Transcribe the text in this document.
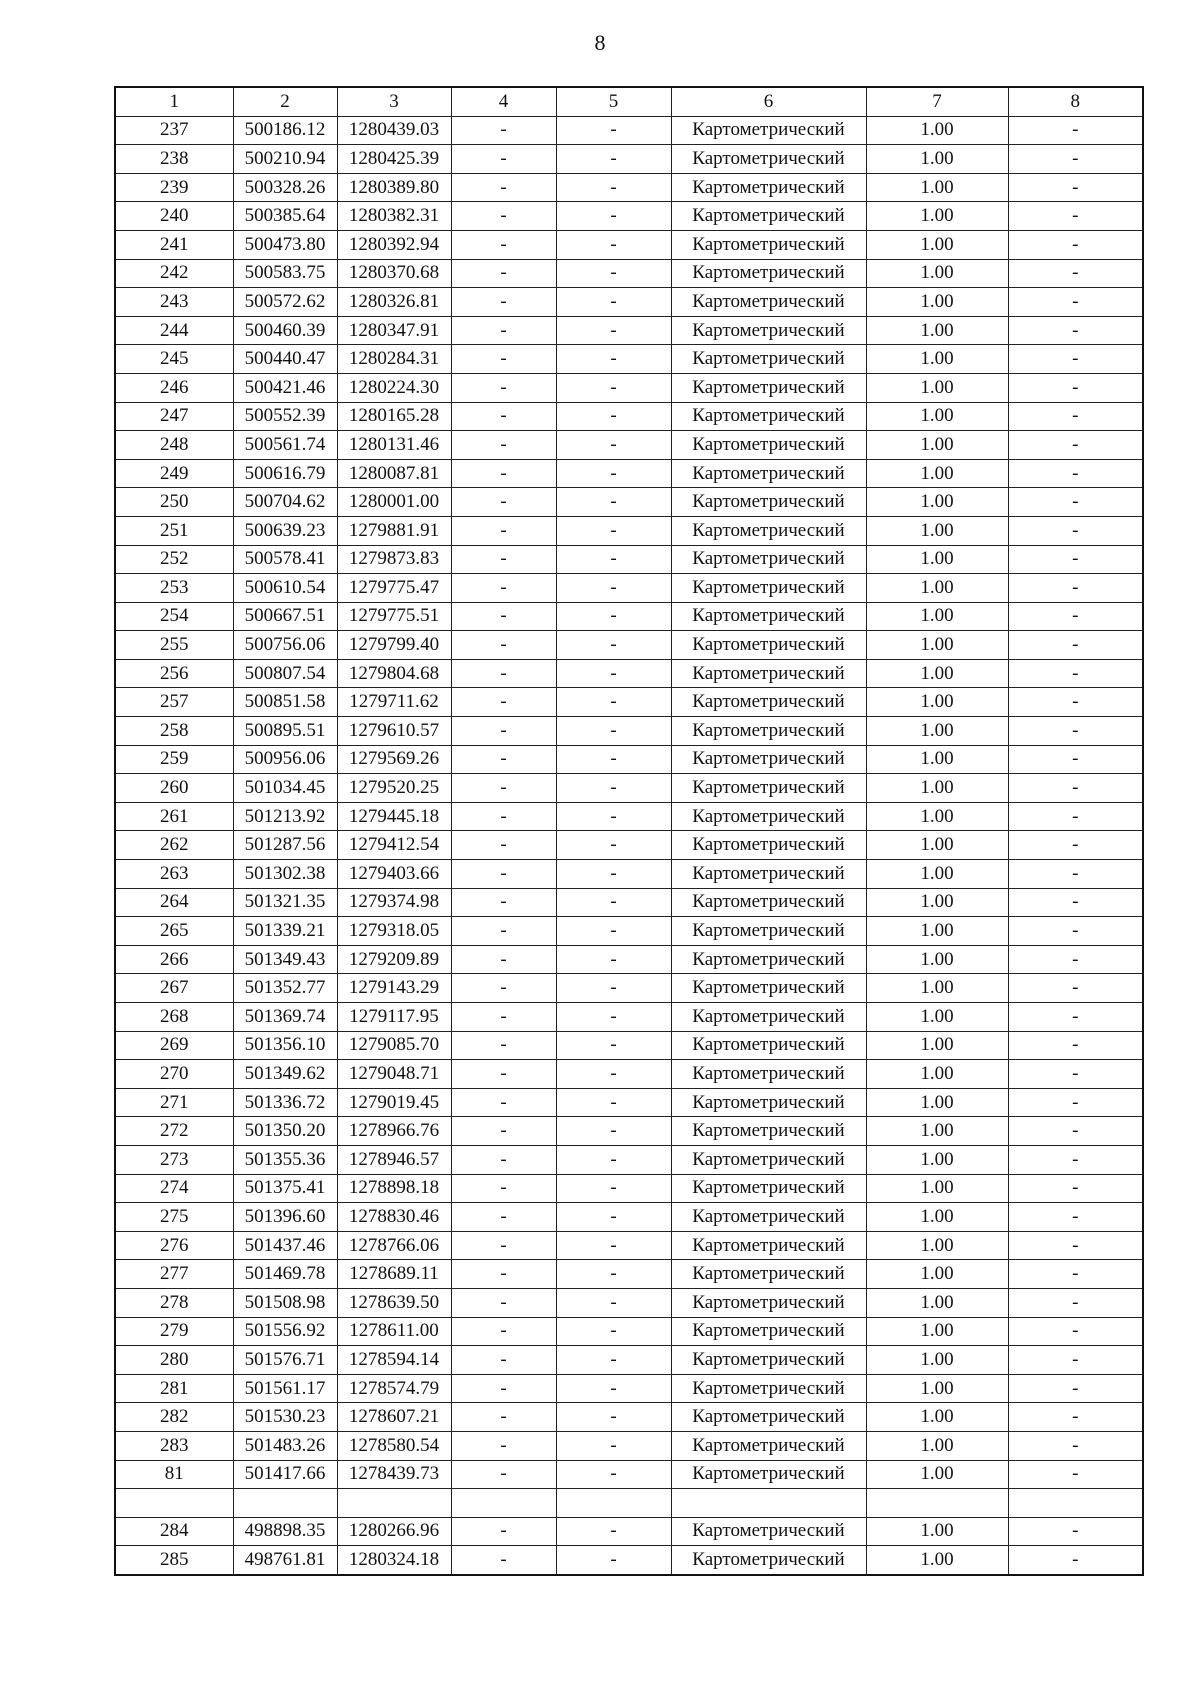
8
1	2	3	4	5	6	7	8
237	500186.12	1280439.03	-	-	Картометрический	1.00	-
238	500210.94	1280425.39	-	-	Картометрический	1.00	-
239	500328.26	1280389.80	-	-	Картометрический	1.00	-
240	500385.64	1280382.31	-	-	Картометрический	1.00	-
241	500473.80	1280392.94	-	-	Картометрический	1.00	-
242	500583.75	1280370.68	-	-	Картометрический	1.00	-
243	500572.62	1280326.81	-	-	Картометрический	1.00	-
244	500460.39	1280347.91	-	-	Картометрический	1.00	-
245	500440.47	1280284.31	-	-	Картометрический	1.00	-
246	500421.46	1280224.30	-	-	Картометрический	1.00	-
247	500552.39	1280165.28	-	-	Картометрический	1.00	-
248	500561.74	1280131.46	-	-	Картометрический	1.00	-
249	500616.79	1280087.81	-	-	Картометрический	1.00	-
250	500704.62	1280001.00	-	-	Картометрический	1.00	-
251	500639.23	1279881.91	-	-	Картометрический	1.00	-
252	500578.41	1279873.83	-	-	Картометрический	1.00	-
253	500610.54	1279775.47	-	-	Картометрический	1.00	-
254	500667.51	1279775.51	-	-	Картометрический	1.00	-
255	500756.06	1279799.40	-	-	Картометрический	1.00	-
256	500807.54	1279804.68	-	-	Картометрический	1.00	-
257	500851.58	1279711.62	-	-	Картометрический	1.00	-
258	500895.51	1279610.57	-	-	Картометрический	1.00	-
259	500956.06	1279569.26	-	-	Картометрический	1.00	-
260	501034.45	1279520.25	-	-	Картометрический	1.00	-
261	501213.92	1279445.18	-	-	Картометрический	1.00	-
262	501287.56	1279412.54	-	-	Картометрический	1.00	-
263	501302.38	1279403.66	-	-	Картометрический	1.00	-
264	501321.35	1279374.98	-	-	Картометрический	1.00	-
265	501339.21	1279318.05	-	-	Картометрический	1.00	-
266	501349.43	1279209.89	-	-	Картометрический	1.00	-
267	501352.77	1279143.29	-	-	Картометрический	1.00	-
268	501369.74	1279117.95	-	-	Картометрический	1.00	-
269	501356.10	1279085.70	-	-	Картометрический	1.00	-
270	501349.62	1279048.71	-	-	Картометрический	1.00	-
271	501336.72	1279019.45	-	-	Картометрический	1.00	-
272	501350.20	1278966.76	-	-	Картометрический	1.00	-
273	501355.36	1278946.57	-	-	Картометрический	1.00	-
274	501375.41	1278898.18	-	-	Картометрический	1.00	-
275	501396.60	1278830.46	-	-	Картометрический	1.00	-
276	501437.46	1278766.06	-	-	Картометрический	1.00	-
277	501469.78	1278689.11	-	-	Картометрический	1.00	-
278	501508.98	1278639.50	-	-	Картометрический	1.00	-
279	501556.92	1278611.00	-	-	Картометрический	1.00	-
280	501576.71	1278594.14	-	-	Картометрический	1.00	-
281	501561.17	1278574.79	-	-	Картометрический	1.00	-
282	501530.23	1278607.21	-	-	Картометрический	1.00	-
283	501483.26	1278580.54	-	-	Картометрический	1.00	-
81	501417.66	1278439.73	-	-	Картометрический	1.00	-

284	498898.35	1280266.96	-	-	Картометрический	1.00	-
285	498761.81	1280324.18	-	-	Картометрический	1.00	-
